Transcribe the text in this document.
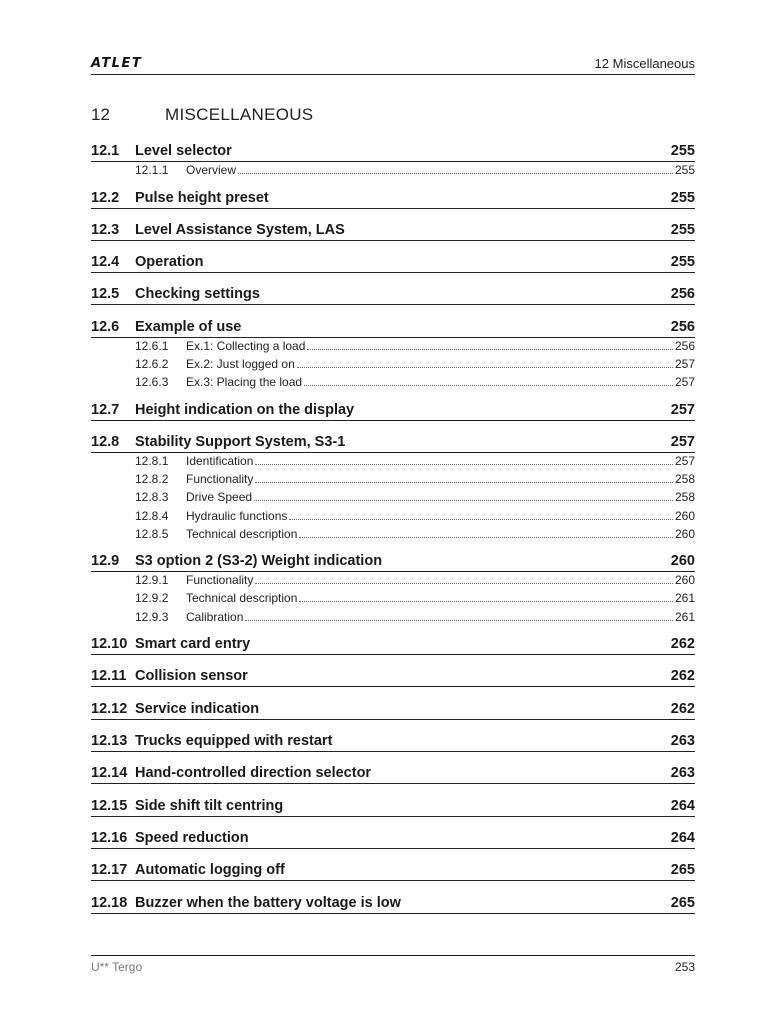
ATLET	12 Miscellaneous
12	MISCELLANEOUS
12.1 Level selector	255
12.1.1	Overview	255
12.2 Pulse height preset	255
12.3 Level Assistance System, LAS	255
12.4 Operation	255
12.5 Checking settings	256
12.6 Example of use	256
12.6.1	Ex.1: Collecting a load	256
12.6.2	Ex.2: Just logged on	257
12.6.3	Ex.3: Placing the load	257
12.7 Height indication on the display	257
12.8 Stability Support System, S3-1	257
12.8.1	Identification	257
12.8.2	Functionality	258
12.8.3	Drive Speed	258
12.8.4	Hydraulic functions	260
12.8.5	Technical description	260
12.9 S3 option 2 (S3-2) Weight indication	260
12.9.1	Functionality	260
12.9.2	Technical description	261
12.9.3	Calibration	261
12.10 Smart card entry	262
12.11 Collision sensor	262
12.12 Service indication	262
12.13 Trucks equipped with restart	263
12.14 Hand-controlled direction selector	263
12.15 Side shift tilt centring	264
12.16 Speed reduction	264
12.17 Automatic logging off	265
12.18 Buzzer when the battery voltage is low	265
U** Tergo	253
